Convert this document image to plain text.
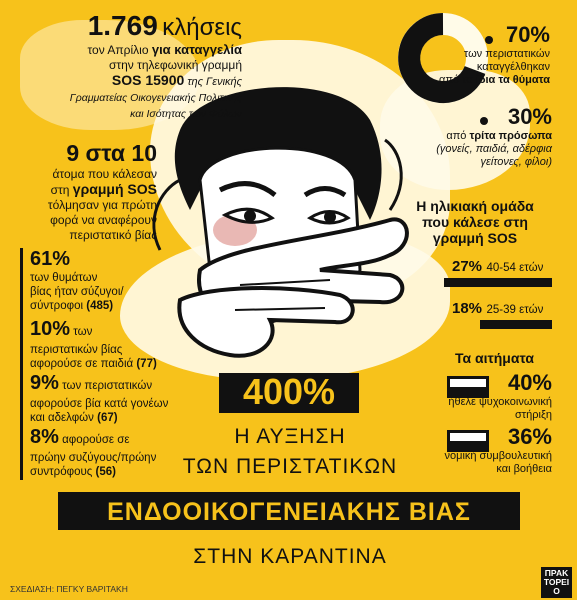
1.769 κλήσεις
τον Απρίλιο για καταγγελία
στην τηλεφωνική γραμμή
SOS 15900 της Γενικής
Γραμματείας Οικογενειακής Πολιτικής
και Ισότητας των Φύλων
9 στα 10
άτομα που κάλεσαν
στη γραμμή SOS
τόλμησαν για πρώτη
φορά να αναφέρουν
περιστατικό βίας
61%
των θυμάτων
βίας ήταν σύζυγοι/
σύντροφοι (485)
10% των
περιστατικών βίας
αφορούσε σε παιδιά (77)
9% των περιστατικών
αφορούσε βία κατά γονέων
και αδελφών (67)
8% αφορούσε σε
πρώην συζύγους/πρώην
συντρόφους (56)
70%
των περιστατικών
καταγγέλθηκαν
από τα ίδια τα θύματα
30%
από τρίτα πρόσωπα
(γονείς, παιδιά, αδέρφια
γείτονες, φίλοι)
Η ηλικιακή ομάδα
που κάλεσε στη
γραμμή SOS
27% 40-54 ετών
18% 25-39 ετών
Τα αιτήματα
40%
ήθελε ψυχοκοινωνική
στήριξη
36%
νομική συμβουλευτική
και βοήθεια
400%
Η ΑΥΞΗΣΗ
ΤΩΝ ΠΕΡΙΣΤΑΤΙΚΩΝ
ΕΝΔΟΟΙΚΟΓΕΝΕΙΑΚΗΣ ΒΙΑΣ
ΣΤΗΝ ΚΑΡΑΝΤΙΝΑ
ΣΧΕΔΙΑΣΗ: ΠΕΓΚΥ ΒΑΡΙΤΑΚΗ
ΠΡΑΚΤΟΡΕΙΟ
